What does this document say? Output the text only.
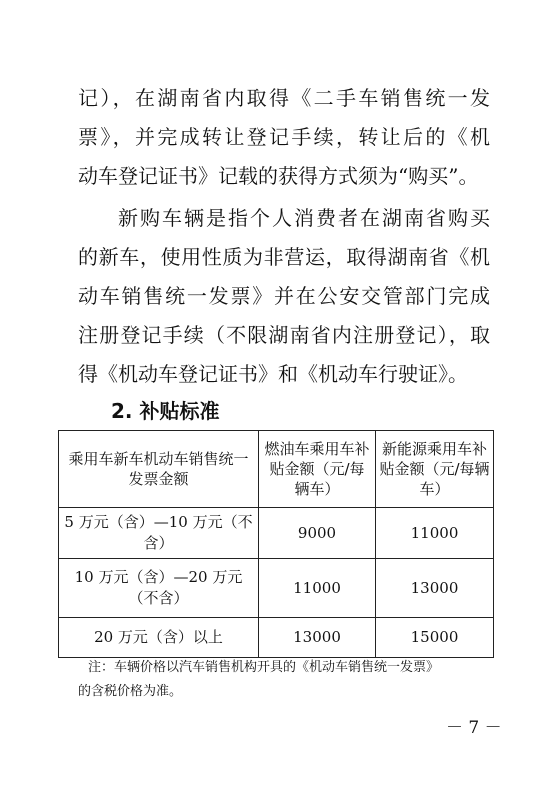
记），在湖南省内取得《二手车销售统一发
票》，并完成转让登记手续，转让后的《机
动车登记证书》记载的获得方式须为“购买”。
新购车辆是指个人消费者在湖南省购买
的新车，使用性质为非营运，取得湖南省《机
动车销售统一发票》并在公安交管部门完成
注册登记手续（不限湖南省内注册登记），取
得《机动车登记证书》和《机动车行驶证》。
2. 补贴标准
乘用车新车机动车销售统一发票金额	燃油车乘用车补贴金额（元/每辆车）	新能源乘用车补贴金额（元/每辆车）
5 万元（含）—10 万元（不含）	9000	11000
10 万元（含）—20 万元（不含）	11000	13000
20 万元（含）以上	13000	15000
注：车辆价格以汽车销售机构开具的《机动车销售统一发票》
的含税价格为准。
－ 7 －
